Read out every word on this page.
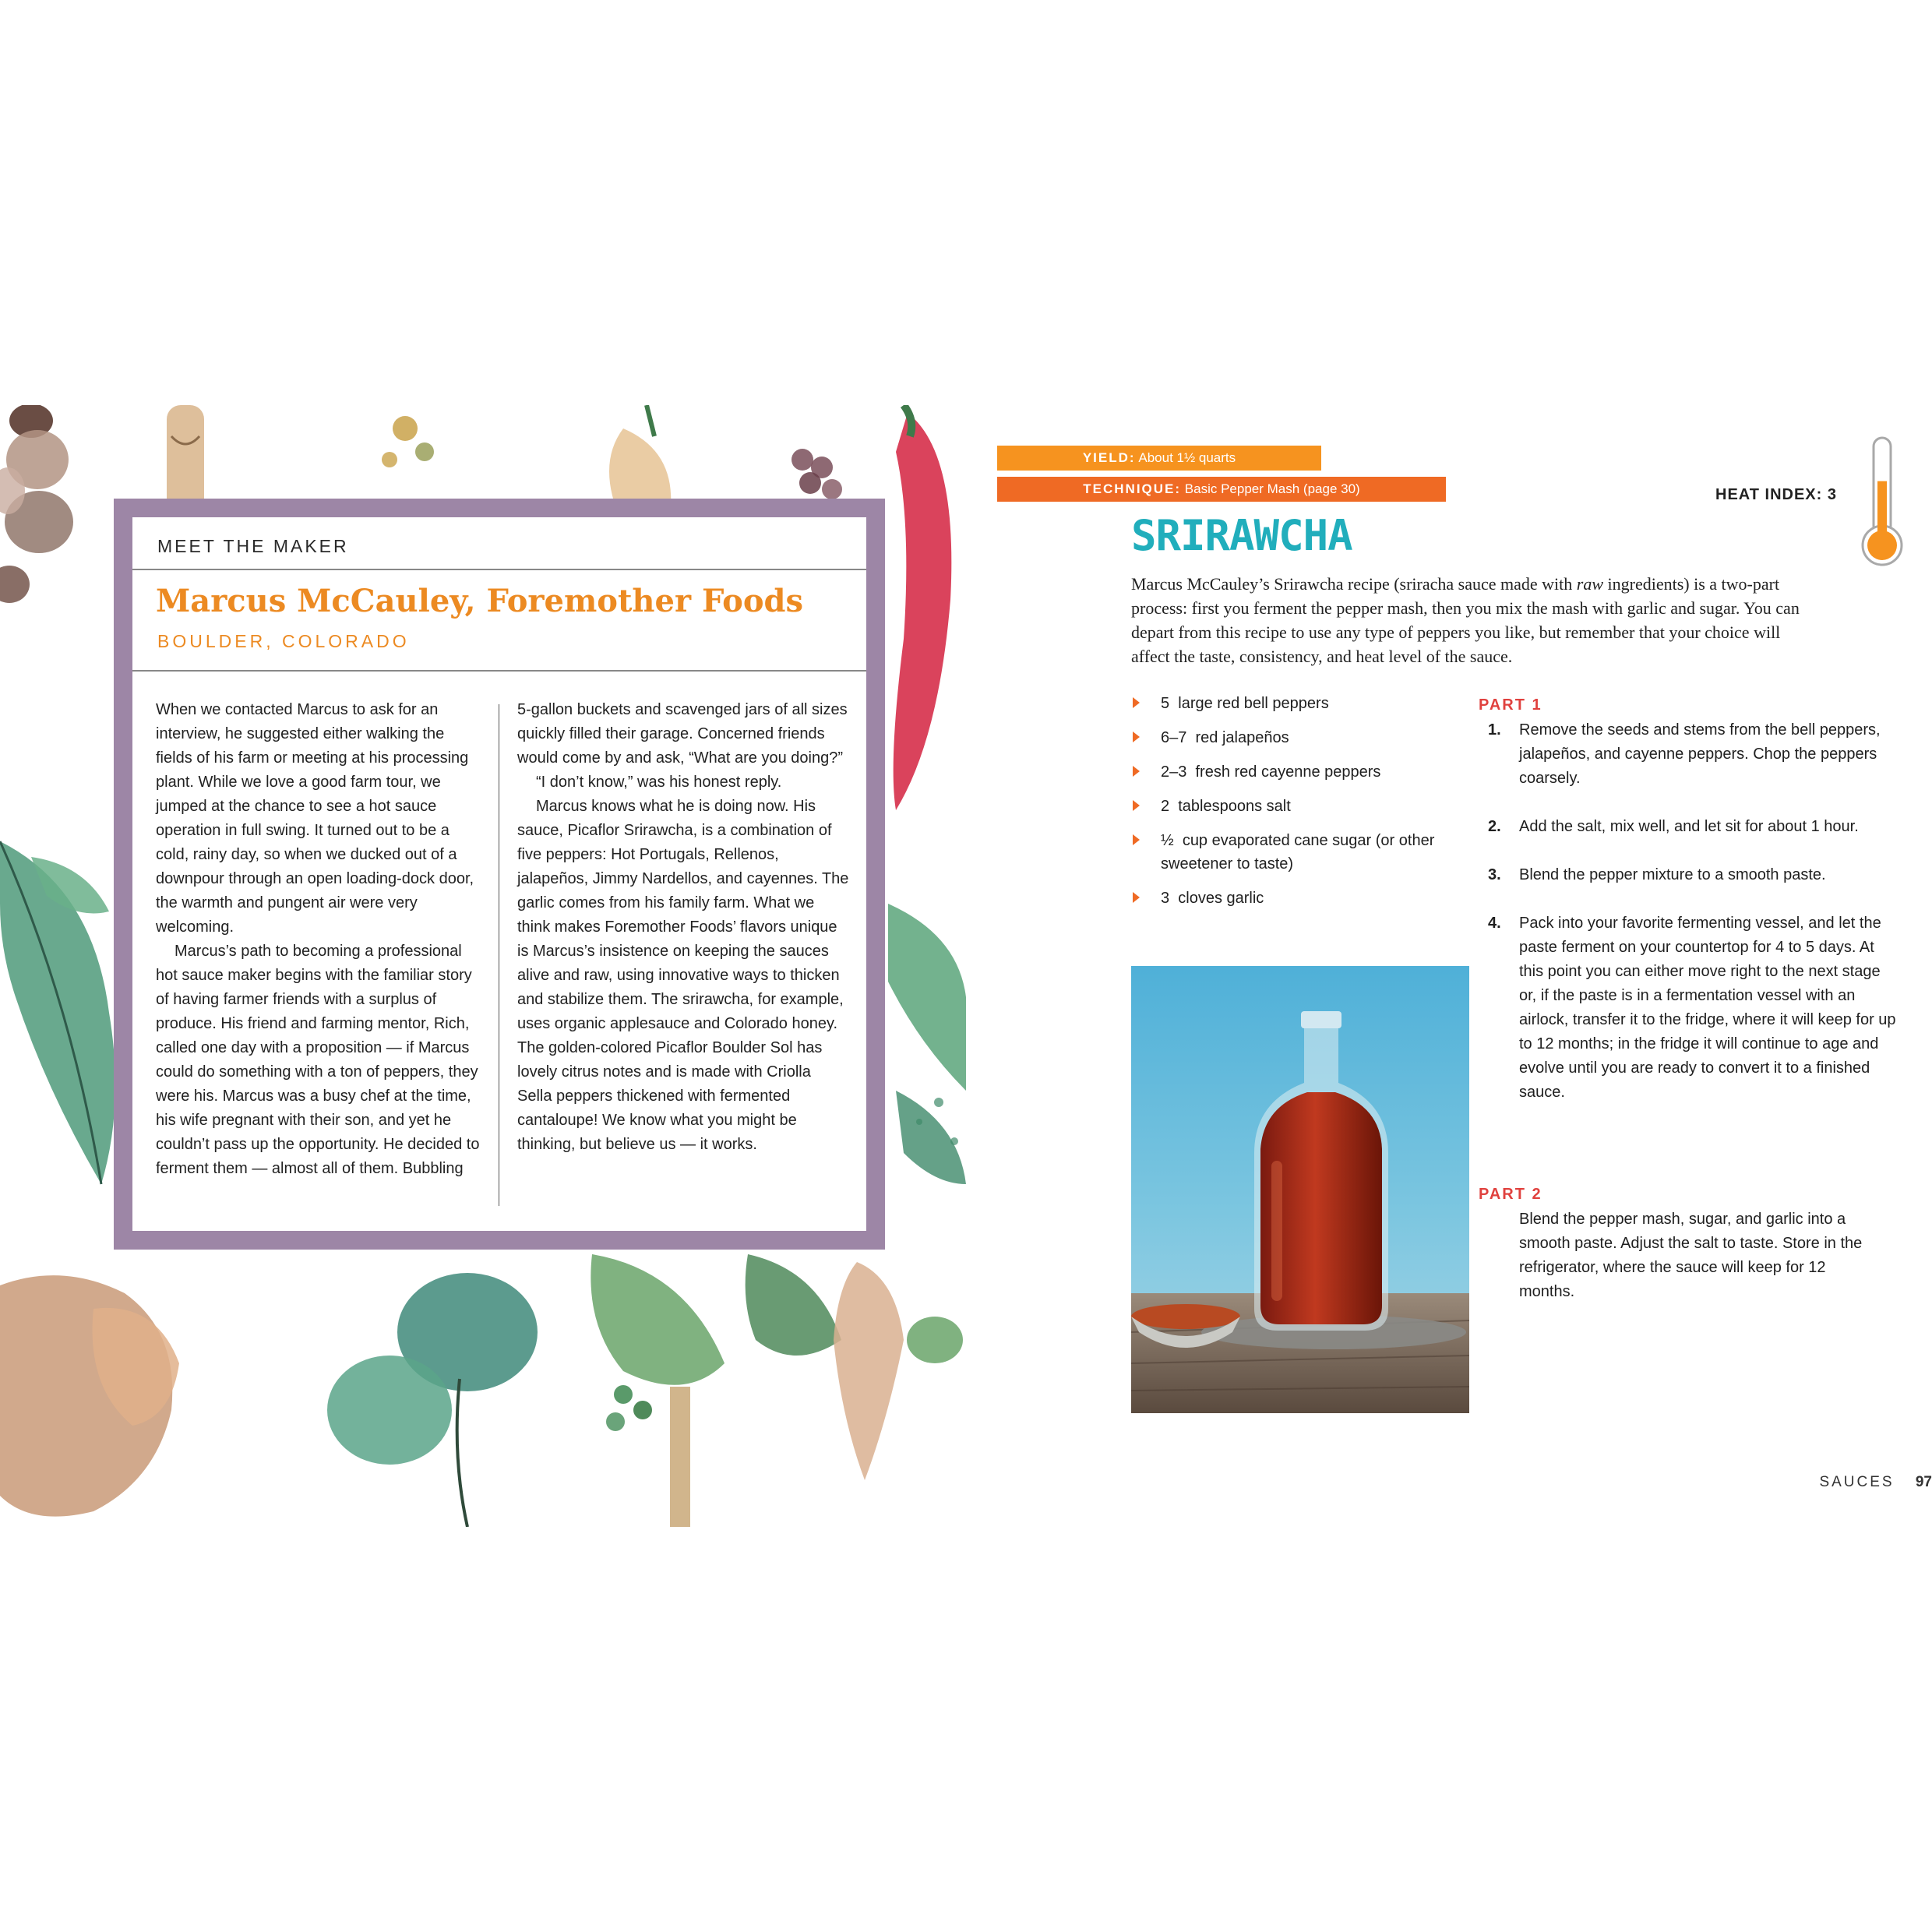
MEET THE MAKER
Marcus McCauley, Foremother Foods
BOULDER, COLORADO

When we contacted Marcus to ask for an interview, he suggested either walking the fields of his farm or meeting at his processing plant. While we love a good farm tour, we jumped at the chance to see a hot sauce operation in full swing. It turned out to be a cold, rainy day, so when we ducked out of a downpour through an open loading-dock door, the warmth and pungent air were very welcoming.

Marcus’s path to becoming a professional hot sauce maker begins with the familiar story of having farmer friends with a surplus of produce. His friend and farming mentor, Rich, called one day with a proposition — if Marcus could do something with a ton of peppers, they were his. Marcus was a busy chef at the time, his wife pregnant with their son, and yet he couldn’t pass up the opportunity. He decided to ferment them — almost all of them. Bubbling

5-gallon buckets and scavenged jars of all sizes quickly filled their garage. Concerned friends would come by and ask, “What are you doing?”

“I don’t know,” was his honest reply.

Marcus knows what he is doing now. His sauce, Picaflor Srirawcha, is a combination of five peppers: Hot Portugals, Rellenos, jalapeños, Jimmy Nardellos, and cayennes. The garlic comes from his family farm. What we think makes Foremother Foods’ flavors unique is Marcus’s insistence on keeping the sauces alive and raw, using innovative ways to thicken and stabilize them. The srirawcha, for example, uses organic applesauce and Colorado honey. The golden-colored Picaflor Boulder Sol has lovely citrus notes and is made with Criolla Sella peppers thickened with fermented cantaloupe! We know what you might be thinking, but believe us — it works.

YIELD: About 1½ quarts
TECHNIQUE: Basic Pepper Mash (page 30)	HEAT INDEX: 3
SRIRAWCHA

Marcus McCauley’s Srirawcha recipe (sriracha sauce made with raw ingredients) is a two-part process: first you ferment the pepper mash, then you mix the mash with garlic and sugar. You can depart from this recipe to use any type of peppers you like, but remember that your choice will affect the taste, consistency, and heat level of the sauce.

5 large red bell peppers
6–7 red jalapeños
2–3 fresh red cayenne peppers
2 tablespoons salt
½ cup evaporated cane sugar (or other sweetener to taste)
3 cloves garlic
PART 1
1. Remove the seeds and stems from the bell peppers, jalapeños, and cayenne peppers. Chop the peppers coarsely.
2. Add the salt, mix well, and let sit for about 1 hour.
3. Blend the pepper mixture to a smooth paste.
4. Pack into your favorite fermenting vessel, and let the paste ferment on your countertop for 4 to 5 days. At this point you can either move right to the next stage or, if the paste is in a fermentation vessel with an airlock, transfer it to the fridge, where it will keep for up to 12 months; in the fridge it will continue to age and evolve until you are ready to convert it to a finished sauce.
PART 2

Blend the pepper mash, sugar, and garlic into a smooth paste. Adjust the salt to taste. Store in the refrigerator, where the sauce will keep for 12 months.

SAUCES 97
